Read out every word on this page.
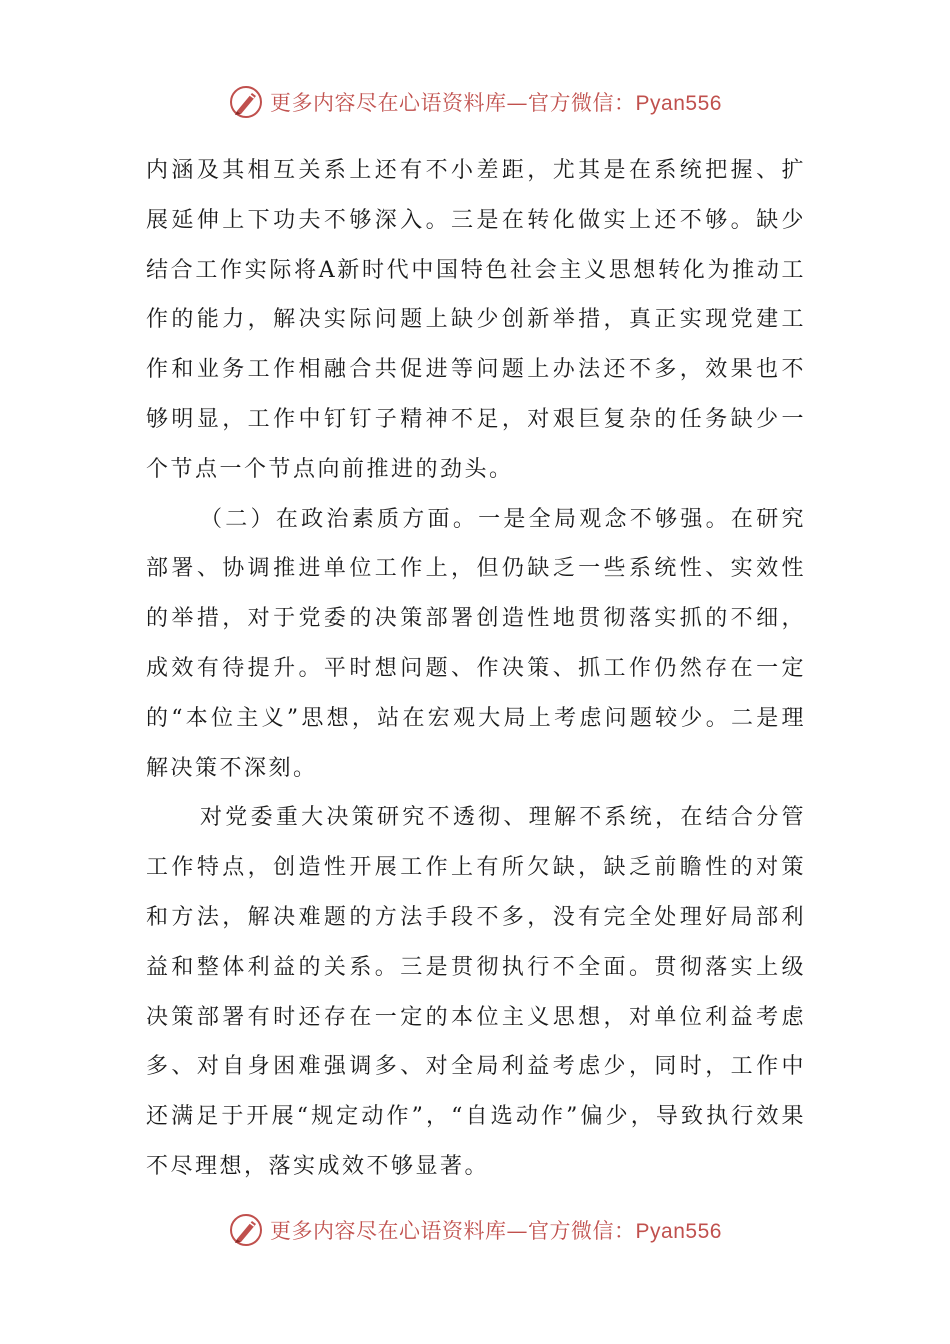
更多内容尽在心语资料库—官方微信：Pyan556

内涵及其相互关系上还有不小差距，尤其是在系统把握、扩展延伸上下功夫不够深入。三是在转化做实上还不够。缺少结合工作实际将A新时代中国特色社会主义思想转化为推动工作的能力，解决实际问题上缺少创新举措，真正实现党建工作和业务工作相融合共促进等问题上办法还不多，效果也不够明显，工作中钉钉子精神不足，对艰巨复杂的任务缺少一个节点一个节点向前推进的劲头。

（二）在政治素质方面。一是全局观念不够强。在研究部署、协调推进单位工作上，但仍缺乏一些系统性、实效性的举措，对于党委的决策部署创造性地贯彻落实抓的不细，成效有待提升。平时想问题、作决策、抓工作仍然存在一定的“本位主义”思想，站在宏观大局上考虑问题较少。二是理解决策不深刻。

对党委重大决策研究不透彻、理解不系统，在结合分管工作特点，创造性开展工作上有所欠缺，缺乏前瞻性的对策和方法，解决难题的方法手段不多，没有完全处理好局部利益和整体利益的关系。三是贯彻执行不全面。贯彻落实上级决策部署有时还存在一定的本位主义思想，对单位利益考虑多、对自身困难强调多、对全局利益考虑少，同时，工作中还满足于开展“规定动作”，“自选动作”偏少，导致执行效果不尽理想，落实成效不够显著。

更多内容尽在心语资料库—官方微信：Pyan556
